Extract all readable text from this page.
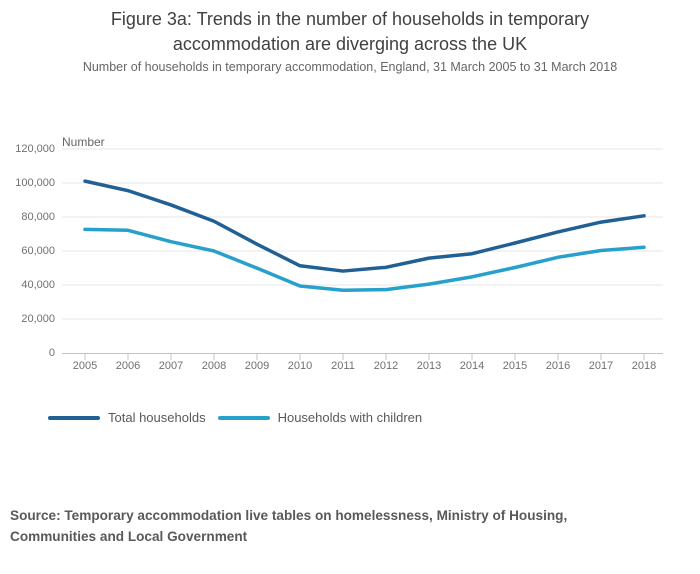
Figure 3a: Trends in the number of households in temporary accommodation are diverging across the UK
Number of households in temporary accommodation, England, 31 March 2005 to 31 March 2018
Number
Total households	Households with children
Source: Temporary accommodation live tables on homelessness, Ministry of Housing, Communities and Local Government
0
20,000
40,000
60,000
80,000
100,000
120,000
2005	2006	2007	2008	2009	2010	2011	2012	2013	2014	2015	2016	2017	2018
